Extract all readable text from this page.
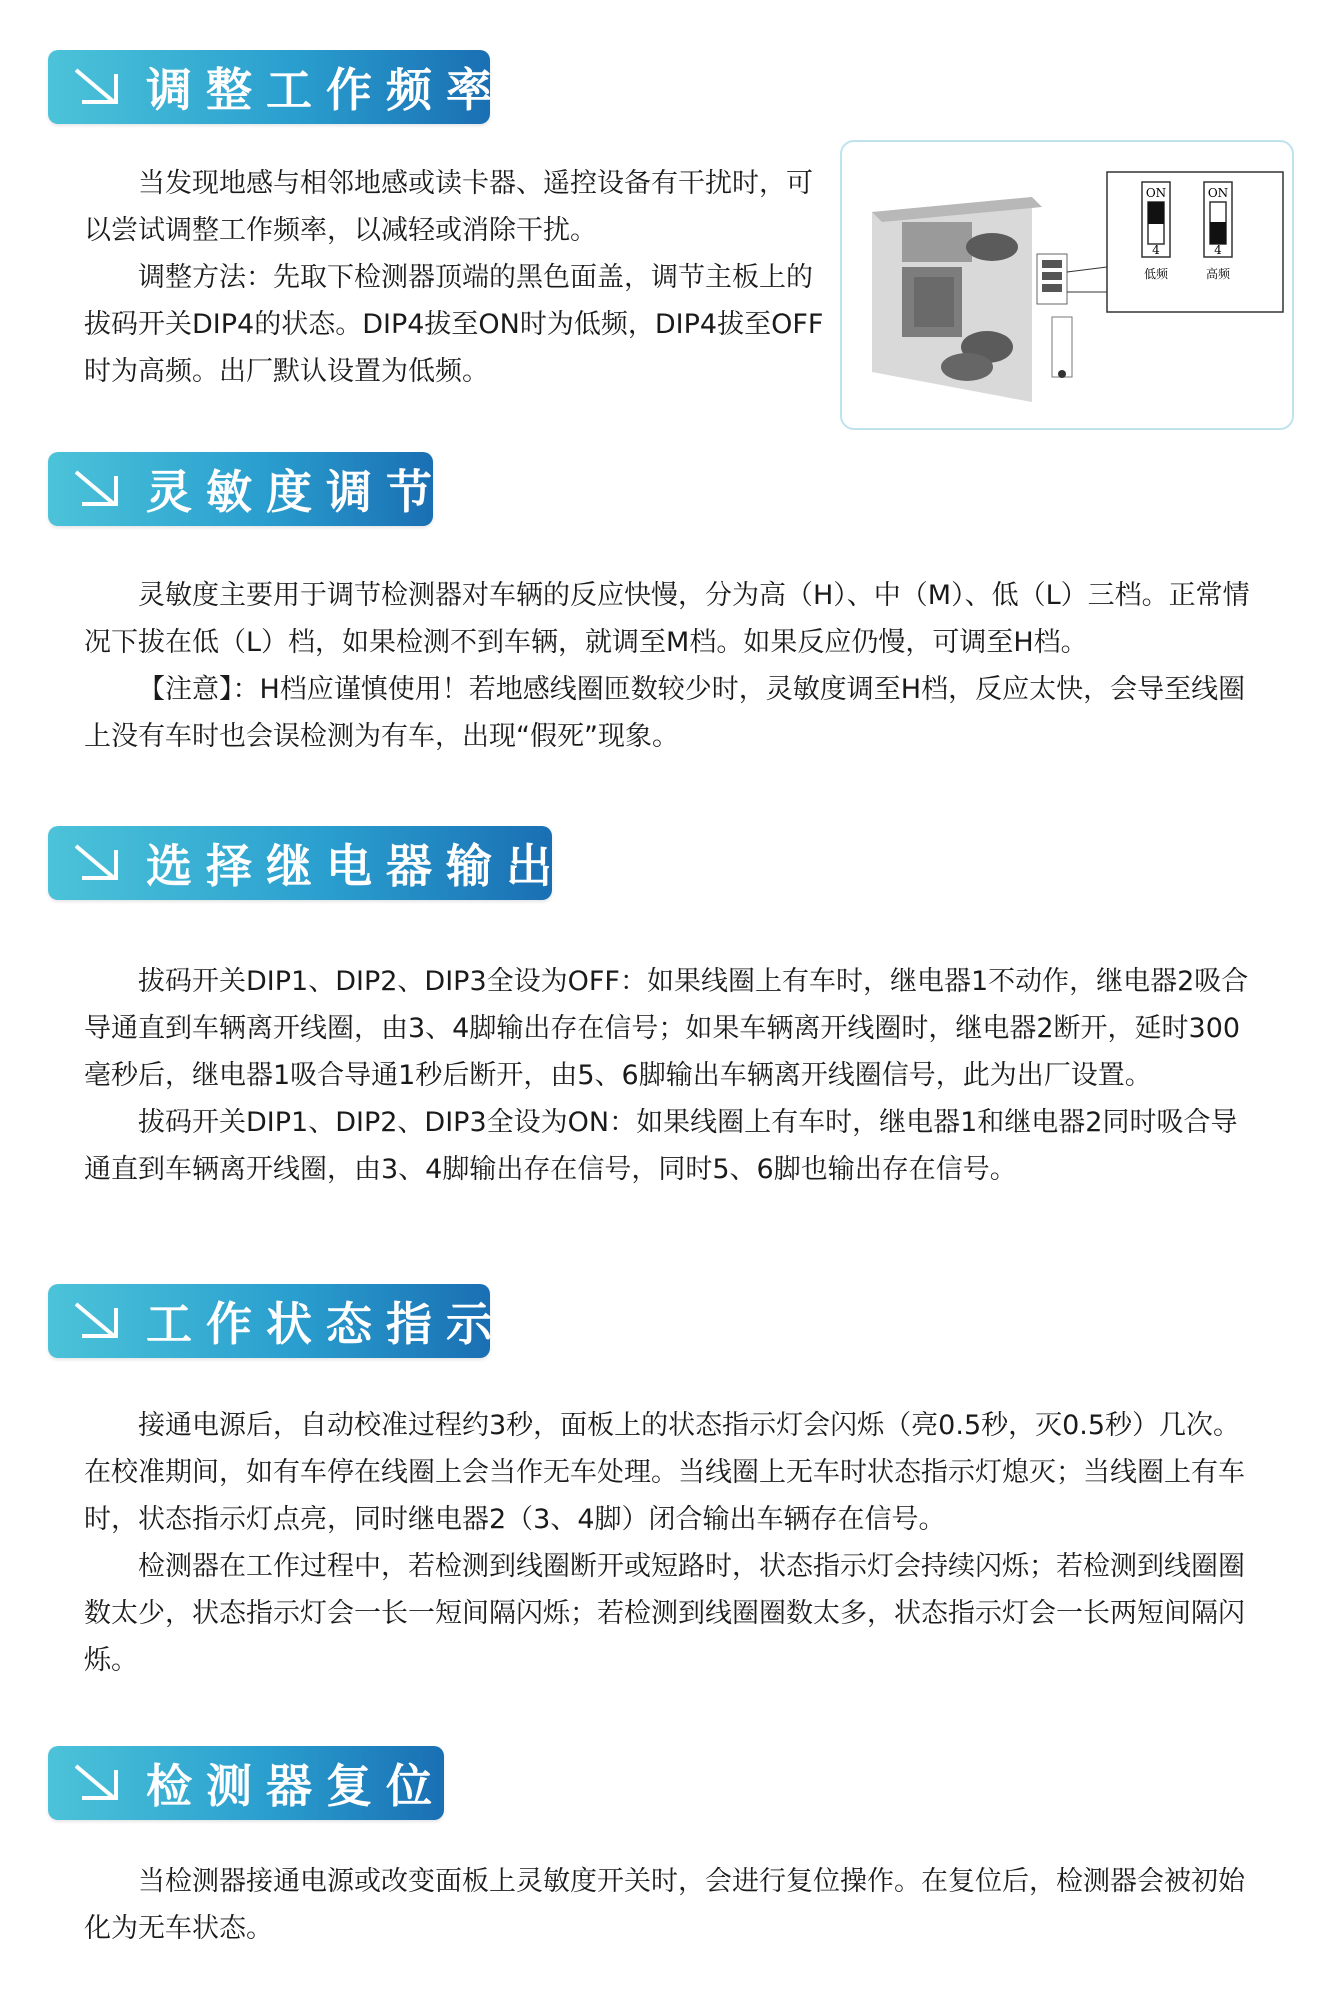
调整工作频率

当发现地感与相邻地感或读卡器、遥控设备有干扰时，可以尝试调整工作频率，以减轻或消除干扰。

调整方法：先取下检测器顶端的黑色面盖，调节主板上的拔码开关DIP4的状态。DIP4拔至ON时为低频，DIP4拔至OFF时为高频。出厂默认设置为低频。

ON	ON
4	4
低频	高频
灵敏度调节

灵敏度主要用于调节检测器对车辆的反应快慢，分为高（H）、中（M）、低（L）三档。正常情况下拔在低（L）档，如果检测不到车辆，就调至M档。如果反应仍慢，可调至H档。

【注意】：H档应谨慎使用！若地感线圈匝数较少时，灵敏度调至H档，反应太快，会导至线圈上没有车时也会误检测为有车，出现“假死”现象。

选择继电器输出

拔码开关DIP1、DIP2、DIP3全设为OFF：如果线圈上有车时，继电器1不动作，继电器2吸合导通直到车辆离开线圈，由3、4脚输出存在信号；如果车辆离开线圈时，继电器2断开，延时300毫秒后，继电器1吸合导通1秒后断开，由5、6脚输出车辆离开线圈信号，此为出厂设置。

拔码开关DIP1、DIP2、DIP3全设为ON：如果线圈上有车时，继电器1和继电器2同时吸合导通直到车辆离开线圈，由3、4脚输出存在信号，同时5、6脚也输出存在信号。

工作状态指示

接通电源后，自动校准过程约3秒，面板上的状态指示灯会闪烁（亮0.5秒，灭0.5秒）几次。在校准期间，如有车停在线圈上会当作无车处理。当线圈上无车时状态指示灯熄灭；当线圈上有车时，状态指示灯点亮，同时继电器2（3、4脚）闭合输出车辆存在信号。

检测器在工作过程中，若检测到线圈断开或短路时，状态指示灯会持续闪烁；若检测到线圈圈数太少，状态指示灯会一长一短间隔闪烁；若检测到线圈圈数太多，状态指示灯会一长两短间隔闪烁。

检测器复位

当检测器接通电源或改变面板上灵敏度开关时，会进行复位操作。在复位后，检测器会被初始化为无车状态。
